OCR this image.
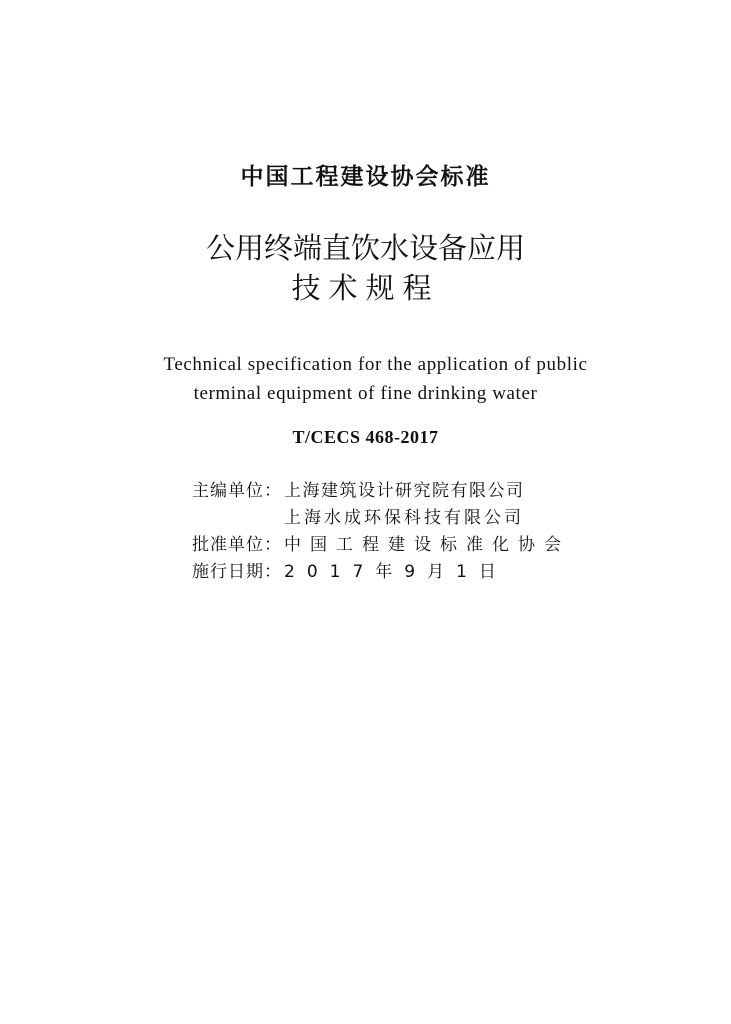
中国工程建设协会标准
公用终端直饮水设备应用
技术规程
Technical specification for the application of public
terminal equipment of fine drinking water
T/CECS 468-2017
主编单位： 上海建筑设计研究院有限公司
上海水成环保科技有限公司
批准单位： 中国工程建设标准化协会
施行日期： 2017年9月1日
